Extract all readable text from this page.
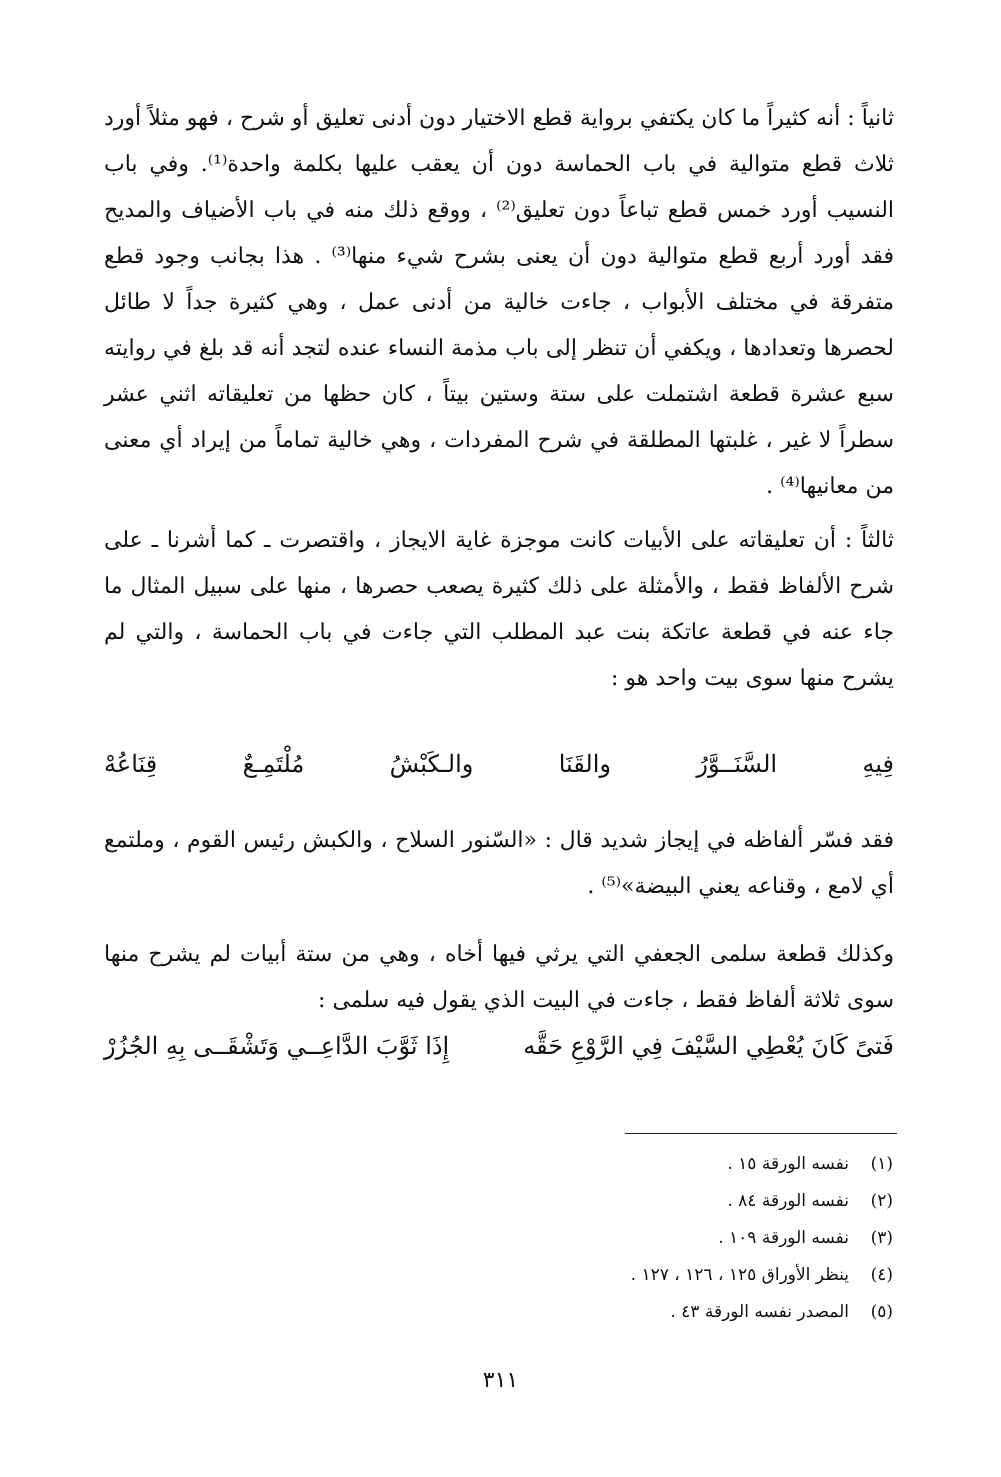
ثانياً : أنه كثيراً ما كان يكتفي برواية قطع الاختيار دون أدنى تعليق أو شرح ، فهو مثلاً أورد ثلاث قطع متوالية في باب الحماسة دون أن يعقب عليها بكلمة واحدة⁽¹⁾. وفي باب النسيب أورد خمس قطع تباعاً دون تعليق⁽²⁾ ، ووقع ذلك منه في باب الأضياف والمديح فقد أورد أربع قطع متوالية دون أن يعنى بشرح شيء منها⁽³⁾ . هذا بجانب وجود قطع متفرقة في مختلف الأبواب ، جاءت خالية من أدنى عمل ، وهي كثيرة جداً لا طائل لحصرها وتعدادها ، ويكفي أن تنظر إلى باب مذمة النساء عنده لتجد أنه قد بلغ في روايته سبع عشرة قطعة اشتملت على ستة وستين بيتاً ، كان حظها من تعليقاته اثني عشر سطراً لا غير ، غلبتها المطلقة في شرح المفردات ، وهي خالية تماماً من إيراد أي معنى من معانيها⁽⁴⁾ .

ثالثاً : أن تعليقاته على الأبيات كانت موجزة غاية الايجاز ، واقتصرت ـ كما أشرنا ـ على شرح الألفاظ فقط ، والأمثلة على ذلك كثيرة يصعب حصرها ، منها على سبيل المثال ما جاء عنه في قطعة عاتكة بنت عبد المطلب التي جاءت في باب الحماسة ، والتي لم يشرح منها سوى بيت واحد هو :

فِيهِ
السَّنَــوَّرُ
والقَنَا
والـكَبْشُ
مُلْتَمِـعٌ
قِنَاعُهْ

فقد فسّر ألفاظه في إيجاز شديد قال : «السّنور السلاح ، والكبش رئيس القوم ، وملتمع أي لامع ، وقناعه يعني البيضة»⁽⁵⁾ .

وكذلك قطعة سلمى الجعفي التي يرثي فيها أخاه ، وهي من ستة أبيات لم يشرح منها سوى ثلاثة ألفاظ فقط ، جاءت في البيت الذي يقول فيه سلمى :

فَتىً كَانَ يُعْطِي السَّيْفَ فِي الرَّوْعِ حَقَّه
إِذَا ثَوَّبَ الدَّاعِــي وَتَشْقَــى بِهِ الجُزُرْ
(١)
نفسه الورقة ١٥ .
(٢)
نفسه الورقة ٨٤ .
(٣)
نفسه الورقة ١٠٩ .
(٤)
ينظر الأوراق ١٢٥ ، ١٢٦ ، ١٢٧ .
(٥)
المصدر نفسه الورقة ٤٣ .
٣١١
